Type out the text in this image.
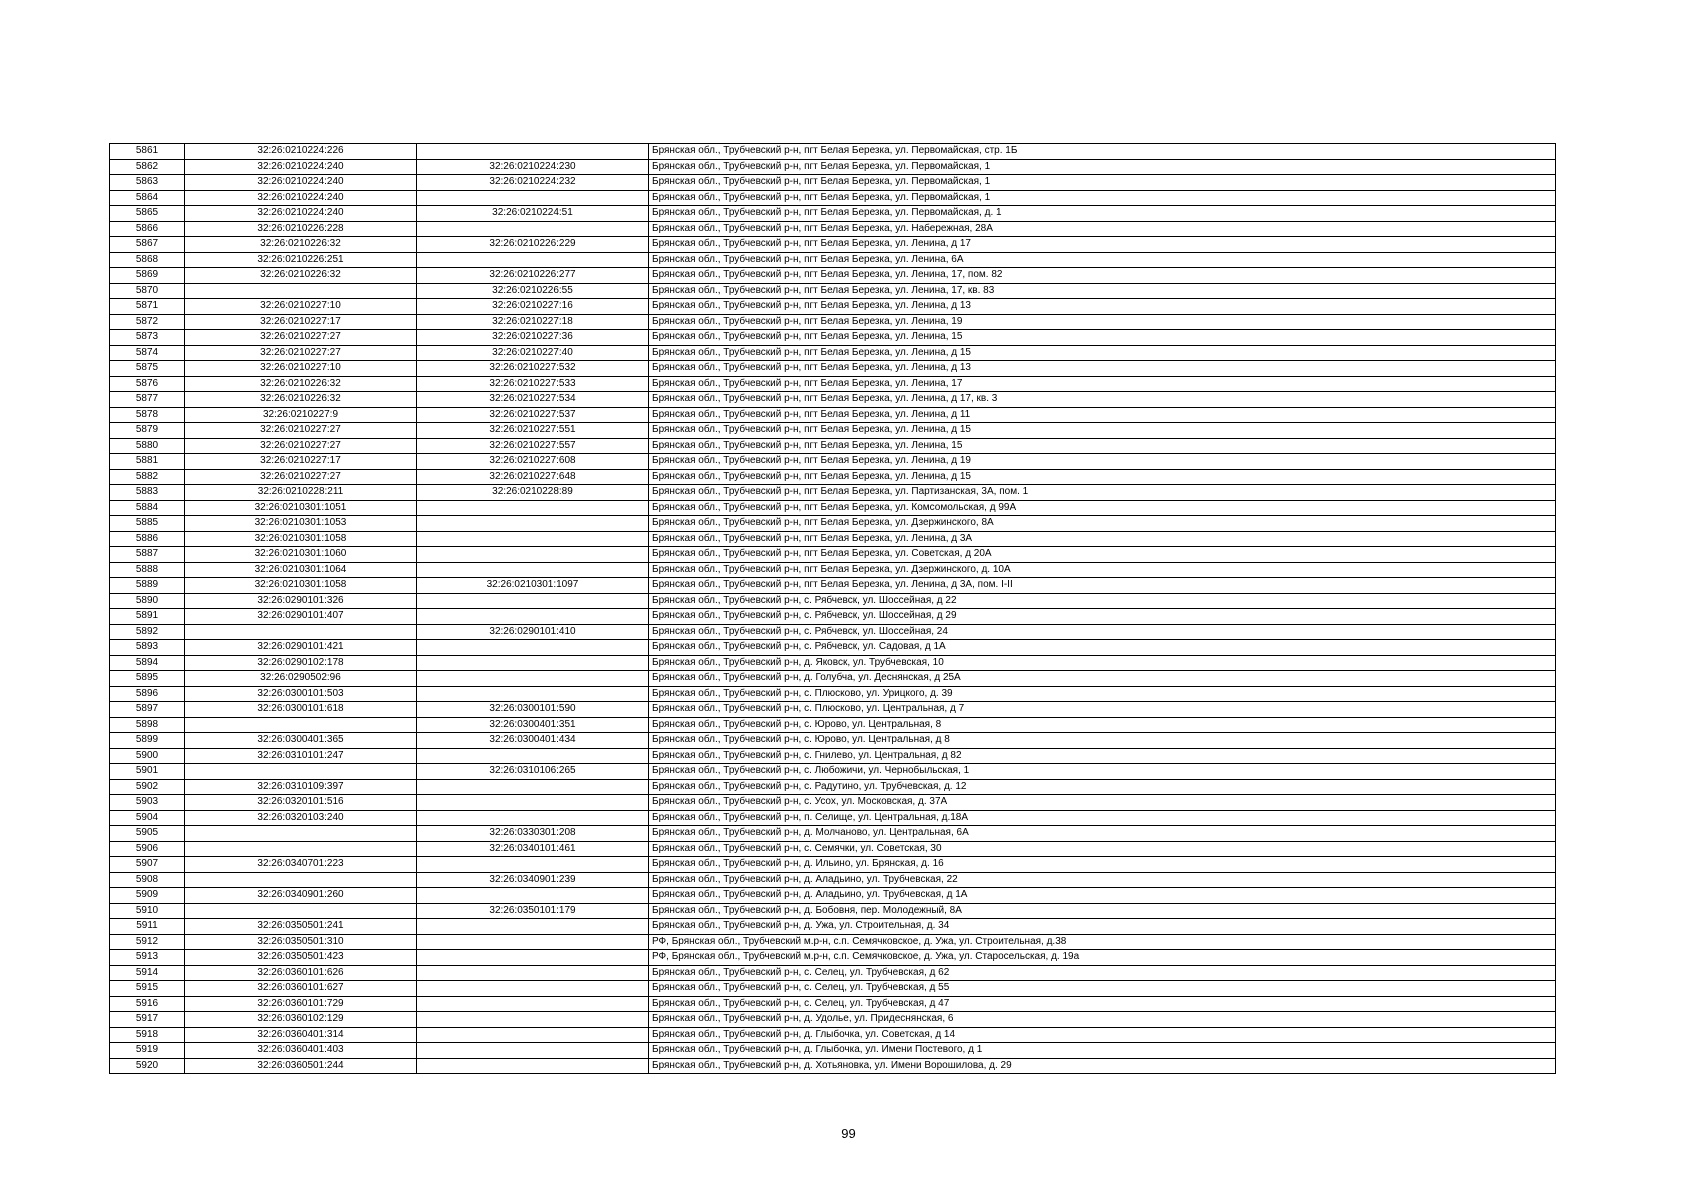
5861	32:26:0210224:226		Брянская обл., Трубчевский р-н, пгт Белая Березка, ул. Первомайская, стр. 1Б
5862	32:26:0210224:240	32:26:0210224:230	Брянская обл., Трубчевский р-н, пгт Белая Березка, ул. Первомайская, 1
5863	32:26:0210224:240	32:26:0210224:232	Брянская обл., Трубчевский р-н, пгт Белая Березка, ул. Первомайская, 1
5864	32:26:0210224:240		Брянская обл., Трубчевский р-н, пгт Белая Березка, ул. Первомайская, 1
5865	32:26:0210224:240	32:26:0210224:51	Брянская обл., Трубчевский р-н, пгт Белая Березка, ул. Первомайская, д. 1
5866	32:26:0210226:228		Брянская обл., Трубчевский р-н, пгт Белая Березка, ул. Набережная, 28А
5867	32:26:0210226:32	32:26:0210226:229	Брянская обл., Трубчевский р-н, пгт Белая Березка, ул. Ленина, д 17
5868	32:26:0210226:251		Брянская обл., Трубчевский р-н, пгт Белая Березка, ул. Ленина, 6А
5869	32:26:0210226:32	32:26:0210226:277	Брянская обл., Трубчевский р-н, пгт Белая Березка, ул. Ленина, 17, пом. 82
5870		32:26:0210226:55	Брянская обл., Трубчевский р-н, пгт Белая Березка, ул. Ленина, 17, кв. 83
5871	32:26:0210227:10	32:26:0210227:16	Брянская обл., Трубчевский р-н, пгт Белая Березка, ул. Ленина, д 13
5872	32:26:0210227:17	32:26:0210227:18	Брянская обл., Трубчевский р-н, пгт Белая Березка, ул. Ленина, 19
5873	32:26:0210227:27	32:26:0210227:36	Брянская обл., Трубчевский р-н, пгт Белая Березка, ул. Ленина, 15
5874	32:26:0210227:27	32:26:0210227:40	Брянская обл., Трубчевский р-н, пгт Белая Березка, ул. Ленина, д 15
5875	32:26:0210227:10	32:26:0210227:532	Брянская обл., Трубчевский р-н, пгт Белая Березка, ул. Ленина, д 13
5876	32:26:0210226:32	32:26:0210227:533	Брянская обл., Трубчевский р-н, пгт Белая Березка, ул. Ленина, 17
5877	32:26:0210226:32	32:26:0210227:534	Брянская обл., Трубчевский р-н, пгт Белая Березка, ул. Ленина, д 17, кв. 3
5878	32:26:0210227:9	32:26:0210227:537	Брянская обл., Трубчевский р-н, пгт Белая Березка, ул. Ленина, д 11
5879	32:26:0210227:27	32:26:0210227:551	Брянская обл., Трубчевский р-н, пгт Белая Березка, ул. Ленина, д 15
5880	32:26:0210227:27	32:26:0210227:557	Брянская обл., Трубчевский р-н, пгт Белая Березка, ул. Ленина, 15
5881	32:26:0210227:17	32:26:0210227:608	Брянская обл., Трубчевский р-н, пгт Белая Березка, ул. Ленина, д 19
5882	32:26:0210227:27	32:26:0210227:648	Брянская обл., Трубчевский р-н, пгт Белая Березка, ул. Ленина, д 15
5883	32:26:0210228:211	32:26:0210228:89	Брянская обл., Трубчевский р-н, пгт Белая Березка, ул. Партизанская, 3А, пом. 1
5884	32:26:0210301:1051		Брянская обл., Трубчевский р-н, пгт Белая Березка, ул. Комсомольская, д 99А
5885	32:26:0210301:1053		Брянская обл., Трубчевский р-н, пгт Белая Березка, ул. Дзержинского, 8А
5886	32:26:0210301:1058		Брянская обл., Трубчевский р-н, пгт Белая Березка, ул. Ленина, д 3А
5887	32:26:0210301:1060		Брянская обл., Трубчевский р-н, пгт Белая Березка, ул. Советская, д 20А
5888	32:26:0210301:1064		Брянская обл., Трубчевский р-н, пгт Белая Березка, ул. Дзержинского, д. 10А
5889	32:26:0210301:1058	32:26:0210301:1097	Брянская обл., Трубчевский р-н, пгт Белая Березка, ул. Ленина, д 3А, пом. I-II
5890	32:26:0290101:326		Брянская обл., Трубчевский р-н, с. Рябчевск, ул. Шоссейная, д 22
5891	32:26:0290101:407		Брянская обл., Трубчевский р-н, с. Рябчевск, ул. Шоссейная, д 29
5892		32:26:0290101:410	Брянская обл., Трубчевский р-н, с. Рябчевск, ул. Шоссейная, 24
5893	32:26:0290101:421		Брянская обл., Трубчевский р-н, с. Рябчевск, ул. Садовая, д 1А
5894	32:26:0290102:178		Брянская обл., Трубчевский р-н, д. Яковск, ул. Трубчевская, 10
5895	32:26:0290502:96		Брянская обл., Трубчевский р-н, д. Голубча, ул. Деснянская, д 25А
5896	32:26:0300101:503		Брянская обл., Трубчевский р-н, с. Плюсково, ул. Урицкого, д. 39
5897	32:26:0300101:618	32:26:0300101:590	Брянская обл., Трубчевский р-н, с. Плюсково, ул. Центральная, д 7
5898		32:26:0300401:351	Брянская обл., Трубчевский р-н, с. Юрово, ул. Центральная, 8
5899	32:26:0300401:365	32:26:0300401:434	Брянская обл., Трубчевский р-н, с. Юрово, ул. Центральная, д 8
5900	32:26:0310101:247		Брянская обл., Трубчевский р-н, с. Гнилево, ул. Центральная, д 82
5901		32:26:0310106:265	Брянская обл., Трубчевский р-н, с. Любожичи, ул. Чернобыльская, 1
5902	32:26:0310109:397		Брянская обл., Трубчевский р-н, с. Радутино, ул. Трубчевская, д. 12
5903	32:26:0320101:516		Брянская обл., Трубчевский р-н, с. Усох, ул. Московская, д. 37А
5904	32:26:0320103:240		Брянская обл., Трубчевский р-н, п. Селище, ул. Центральная, д.18А
5905		32:26:0330301:208	Брянская обл., Трубчевский р-н, д. Молчаново, ул. Центральная, 6А
5906		32:26:0340101:461	Брянская обл., Трубчевский р-н, с. Семячки, ул. Советская, 30
5907	32:26:0340701:223		Брянская обл., Трубчевский р-н, д. Ильино, ул. Брянская, д. 16
5908		32:26:0340901:239	Брянская обл., Трубчевский р-н, д. Аладьино, ул. Трубчевская, 22
5909	32:26:0340901:260		Брянская обл., Трубчевский р-н, д. Аладьино, ул. Трубчевская, д 1А
5910		32:26:0350101:179	Брянская обл., Трубчевский р-н, д. Бобовня, пер. Молодежный, 8А
5911	32:26:0350501:241		Брянская обл., Трубчевский р-н, д. Ужа, ул. Строительная, д. 34
5912	32:26:0350501:310		РФ, Брянская обл., Трубчевский м.р-н, с.п. Семячковское, д. Ужа, ул. Строительная, д.38
5913	32:26:0350501:423		РФ, Брянская обл., Трубчевский м.р-н, с.п. Семячковское, д. Ужа, ул. Старосельская, д. 19а
5914	32:26:0360101:626		Брянская обл., Трубчевский р-н, с. Селец, ул. Трубчевская, д 62
5915	32:26:0360101:627		Брянская обл., Трубчевский р-н, с. Селец, ул. Трубчевская, д 55
5916	32:26:0360101:729		Брянская обл., Трубчевский р-н, с. Селец, ул. Трубчевская, д 47
5917	32:26:0360102:129		Брянская обл., Трубчевский р-н, д. Удолье, ул. Придеснянская, 6
5918	32:26:0360401:314		Брянская обл., Трубчевский р-н, д. Глыбочка, ул. Советская, д 14
5919	32:26:0360401:403		Брянская обл., Трубчевский р-н, д. Глыбочка, ул. Имени Постевого, д 1
5920	32:26:0360501:244		Брянская обл., Трубчевский р-н, д. Хотьяновка, ул. Имени Ворошилова, д. 29
99
